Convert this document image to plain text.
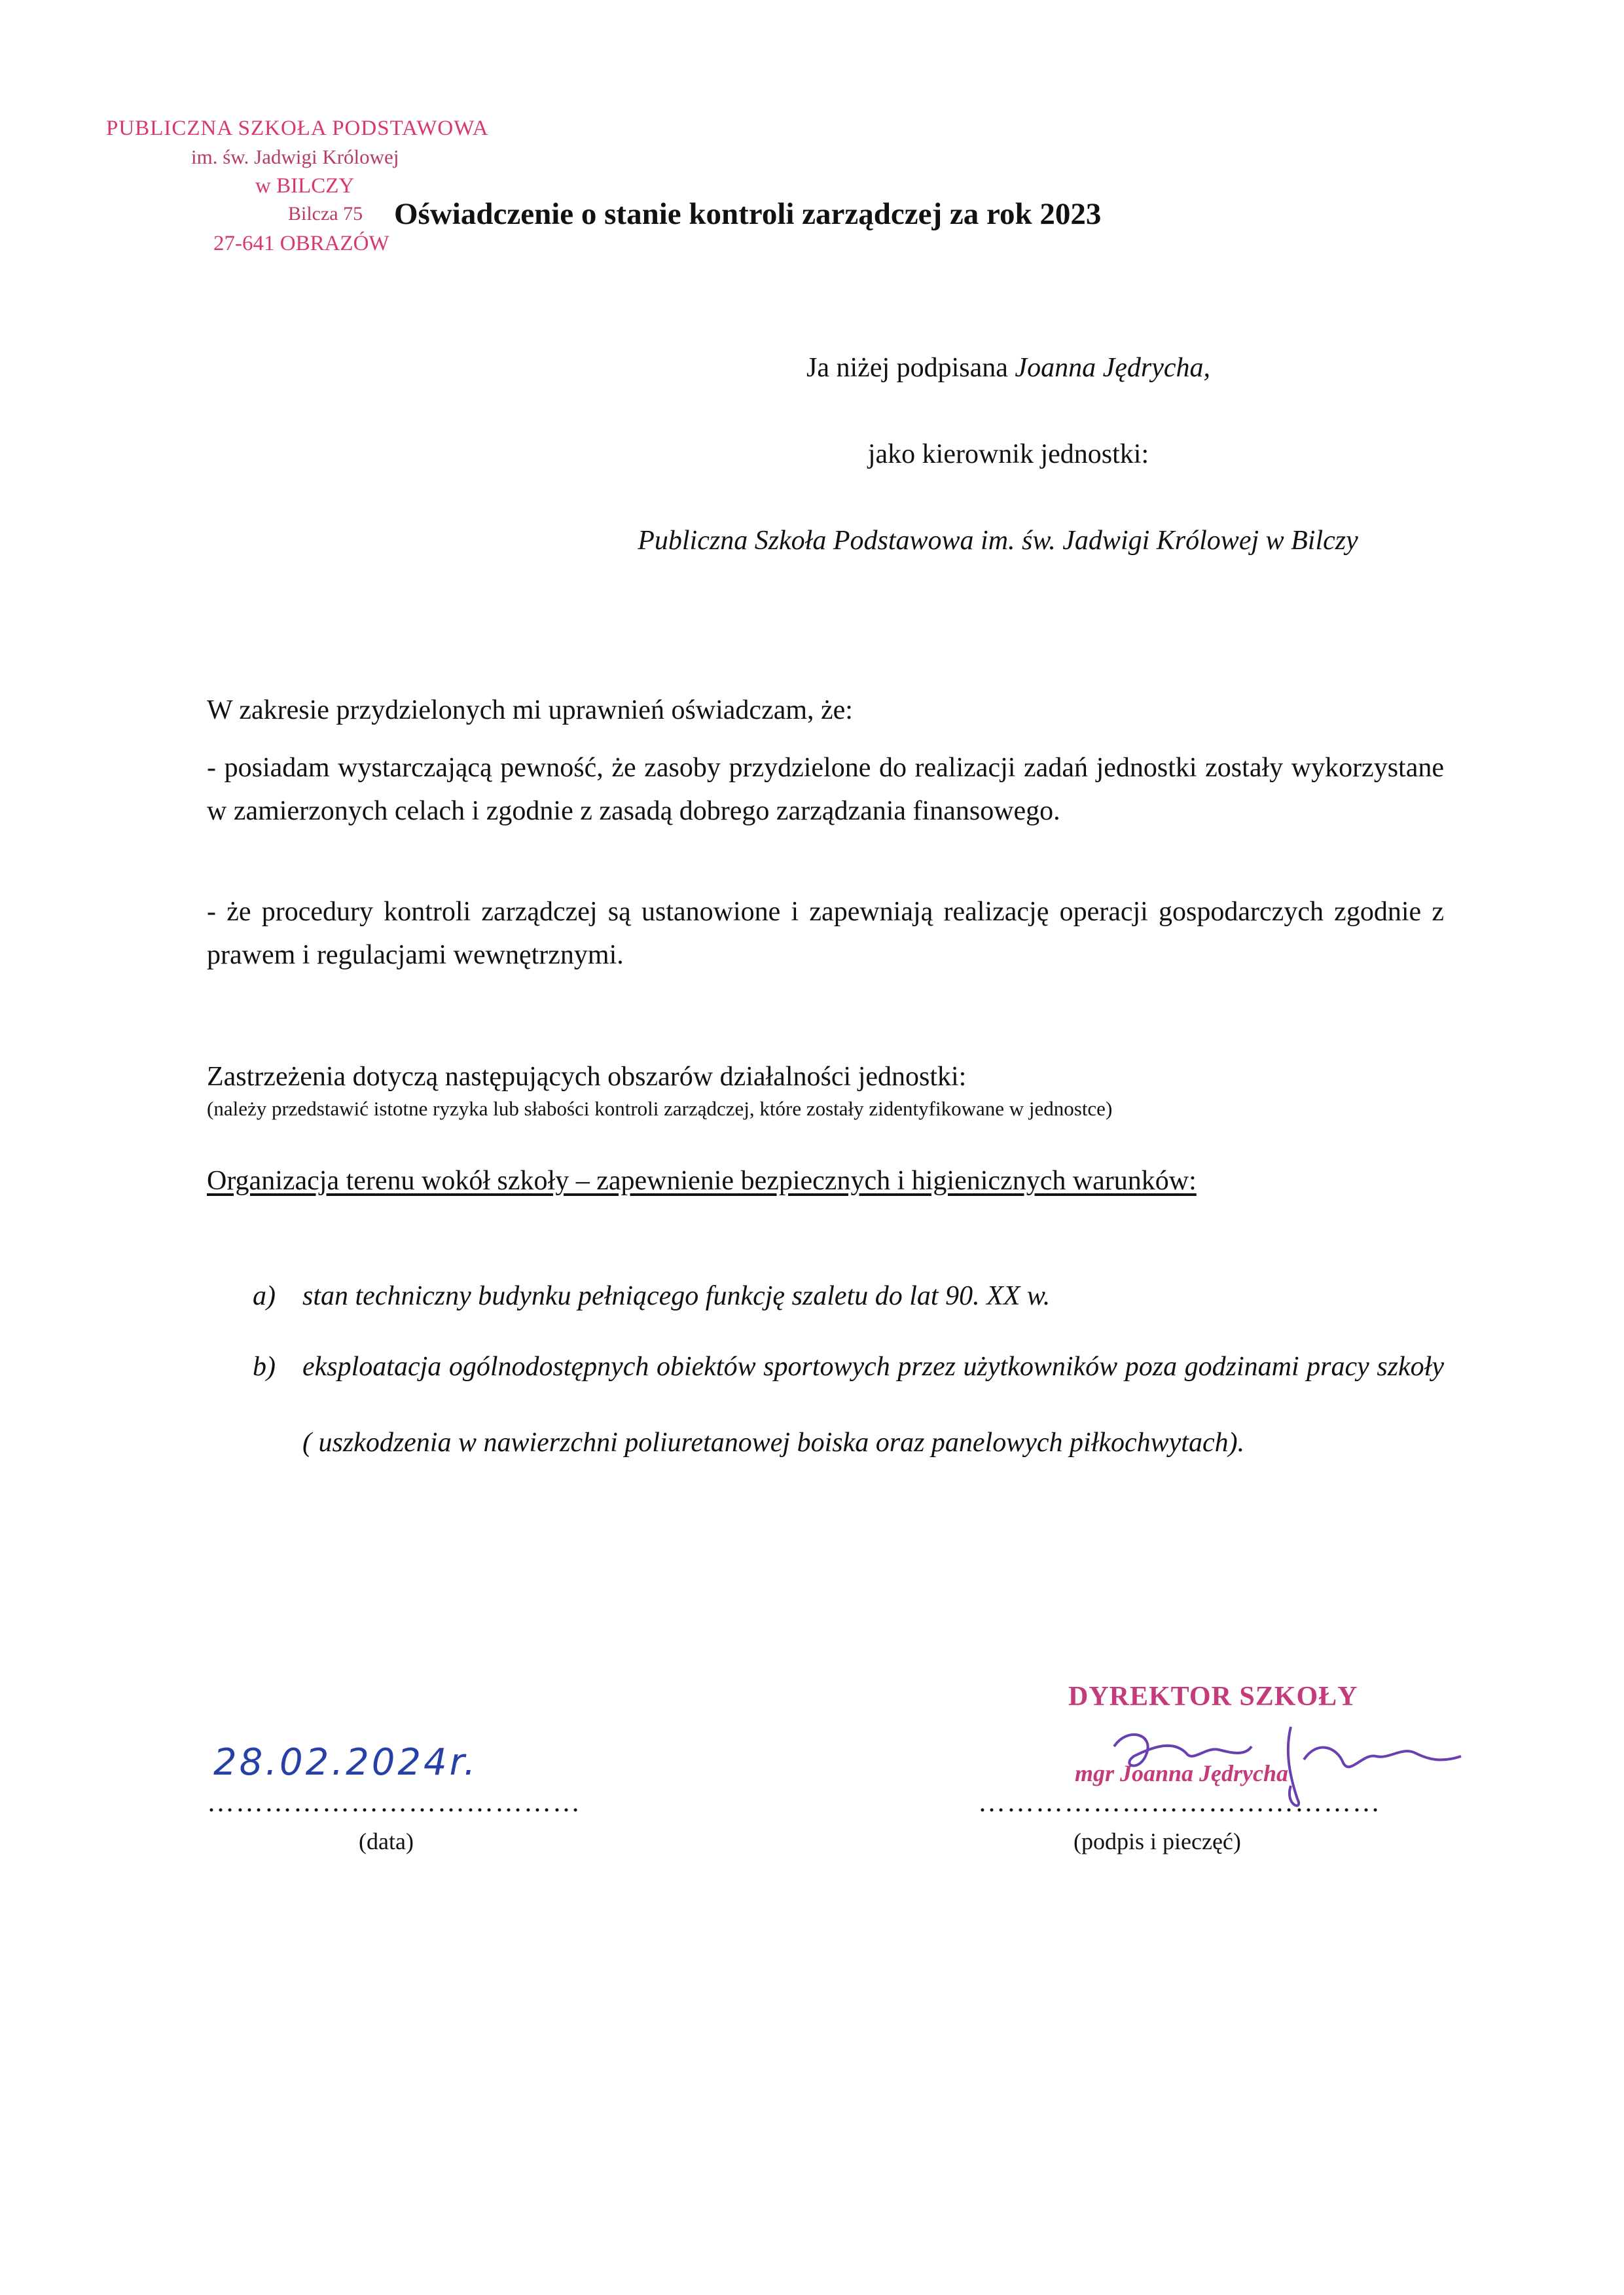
PUBLICZNA SZKOŁA PODSTAWOWA
im. św. Jadwigi Królowej
w BILCZY
Bilcza 75
27-641 OBRAZÓW
Oświadczenie o stanie kontroli zarządczej za rok 2023
Ja niżej podpisana Joanna Jędrycha,
jako kierownik jednostki:
Publiczna Szkoła Podstawowa im. św. Jadwigi Królowej w Bilczy
W zakresie przydzielonych mi uprawnień oświadczam, że:
- posiadam wystarczającą pewność, że zasoby przydzielone do realizacji zadań jednostki zostały wykorzystane w zamierzonych celach i zgodnie z zasadą dobrego zarządzania finansowego.
- że procedury kontroli zarządczej są ustanowione i zapewniają realizację operacji gospodarczych zgodnie z prawem i regulacjami wewnętrznymi.
Zastrzeżenia dotyczą następujących obszarów działalności jednostki:
(należy przedstawić istotne ryzyka lub słabości kontroli zarządczej, które zostały zidentyfikowane w jednostce)
Organizacja terenu wokół szkoły – zapewnienie bezpiecznych i higienicznych warunków:
a) stan techniczny budynku pełniącego funkcję szaletu do lat 90. XX w.
b) eksploatacja ogólnodostępnych obiektów sportowych przez użytkowników poza godzinami pracy szkoły ( uszkodzenia w nawierzchni poliuretanowej boiska oraz panelowych piłkochwytach).
28.02.2024r.
…………………………………
(data)
DYREKTOR SZKOŁY
mgr Joanna Jędrycha
……………………………………
(podpis i pieczęć)
